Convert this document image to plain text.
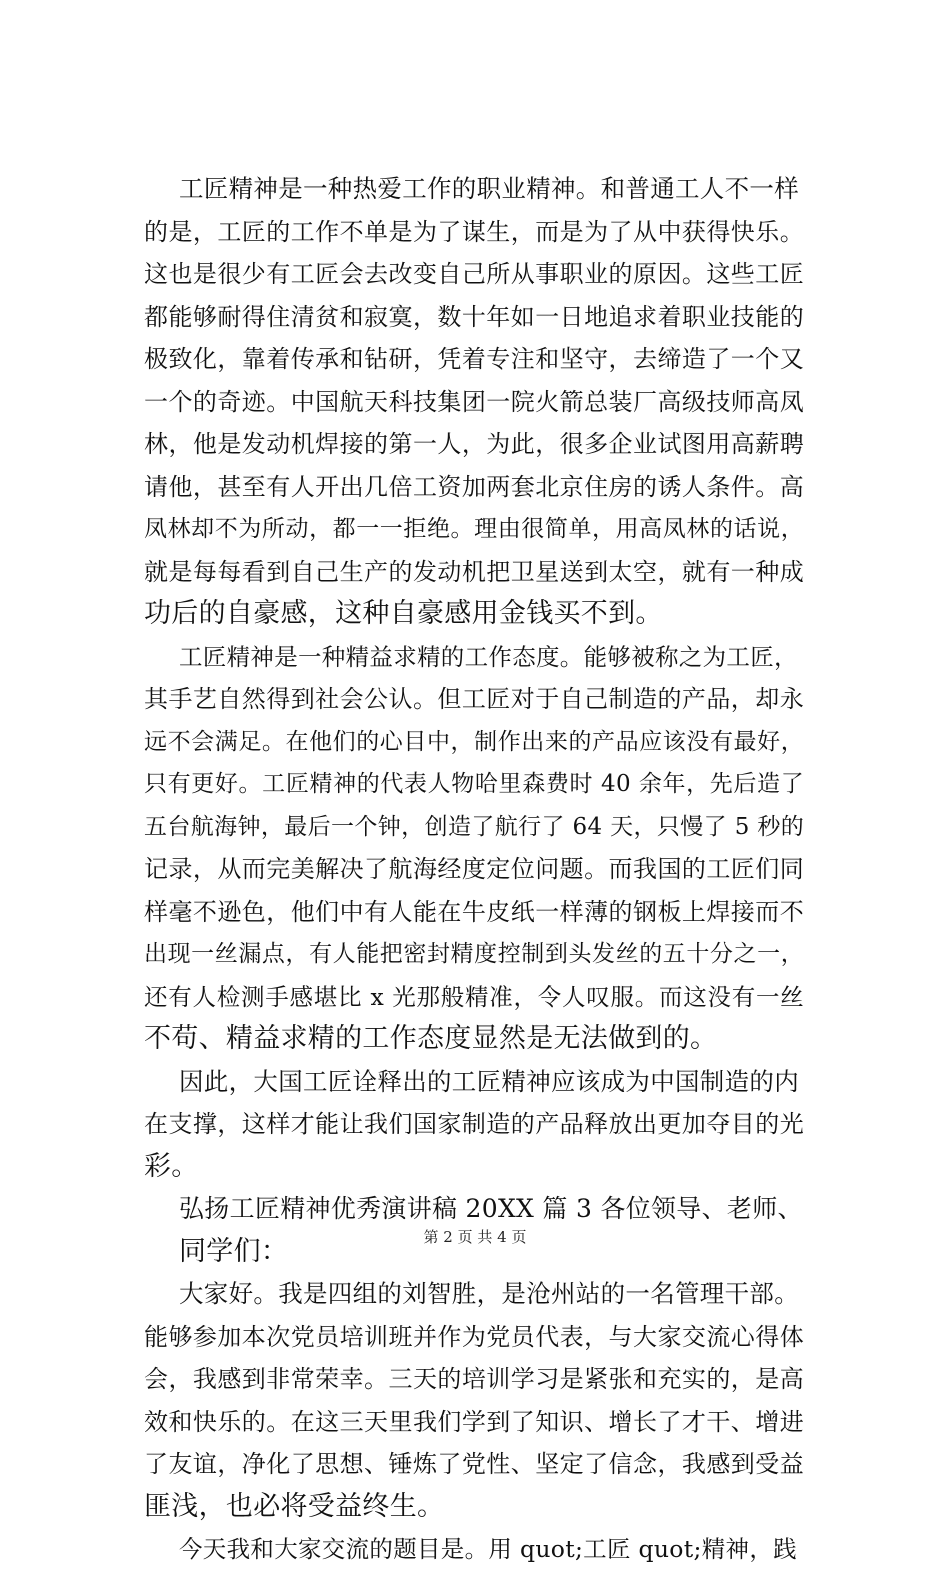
工匠精神是一种热爱工作的职业精神。和普通工人不一样
的是，工匠的工作不单是为了谋生，而是为了从中获得快乐。
这也是很少有工匠会去改变自己所从事职业的原因。这些工匠
都能够耐得住清贫和寂寞，数十年如一日地追求着职业技能的
极致化，靠着传承和钻研，凭着专注和坚守，去缔造了一个又
一个的奇迹。中国航天科技集团一院火箭总装厂高级技师高凤
林，他是发动机焊接的第一人，为此，很多企业试图用高薪聘
请他，甚至有人开出几倍工资加两套北京住房的诱人条件。高
凤林却不为所动，都一一拒绝。理由很简单，用高凤林的话说，
就是每每看到自己生产的发动机把卫星送到太空，就有一种成
功后的自豪感，这种自豪感用金钱买不到。
工匠精神是一种精益求精的工作态度。能够被称之为工匠，
其手艺自然得到社会公认。但工匠对于自己制造的产品，却永
远不会满足。在他们的心目中，制作出来的产品应该没有最好，
只有更好。工匠精神的代表人物哈里森费时 40 余年，先后造了
五台航海钟，最后一个钟，创造了航行了 64 天，只慢了 5 秒的
记录，从而完美解决了航海经度定位问题。而我国的工匠们同
样毫不逊色，他们中有人能在牛皮纸一样薄的钢板上焊接而不
出现一丝漏点，有人能把密封精度控制到头发丝的五十分之一，
还有人检测手感堪比 x 光那般精准，令人叹服。而这没有一丝
不苟、精益求精的工作态度显然是无法做到的。
因此，大国工匠诠释出的工匠精神应该成为中国制造的内
在支撑，这样才能让我们国家制造的产品释放出更加夺目的光
彩。
弘扬工匠精神优秀演讲稿 20XX 篇 3 各位领导、老师、
同学们：
大家好。我是四组的刘智胜，是沧州站的一名管理干部。
能够参加本次党员培训班并作为党员代表，与大家交流心得体
会，我感到非常荣幸。三天的培训学习是紧张和充实的，是高
效和快乐的。在这三天里我们学到了知识、增长了才干、增进
了友谊，净化了思想、锤炼了党性、坚定了信念，我感到受益
匪浅，也必将受益终生。
今天我和大家交流的题目是。用 quot;工匠 quot;精神，践
第 2 页 共 4 页
